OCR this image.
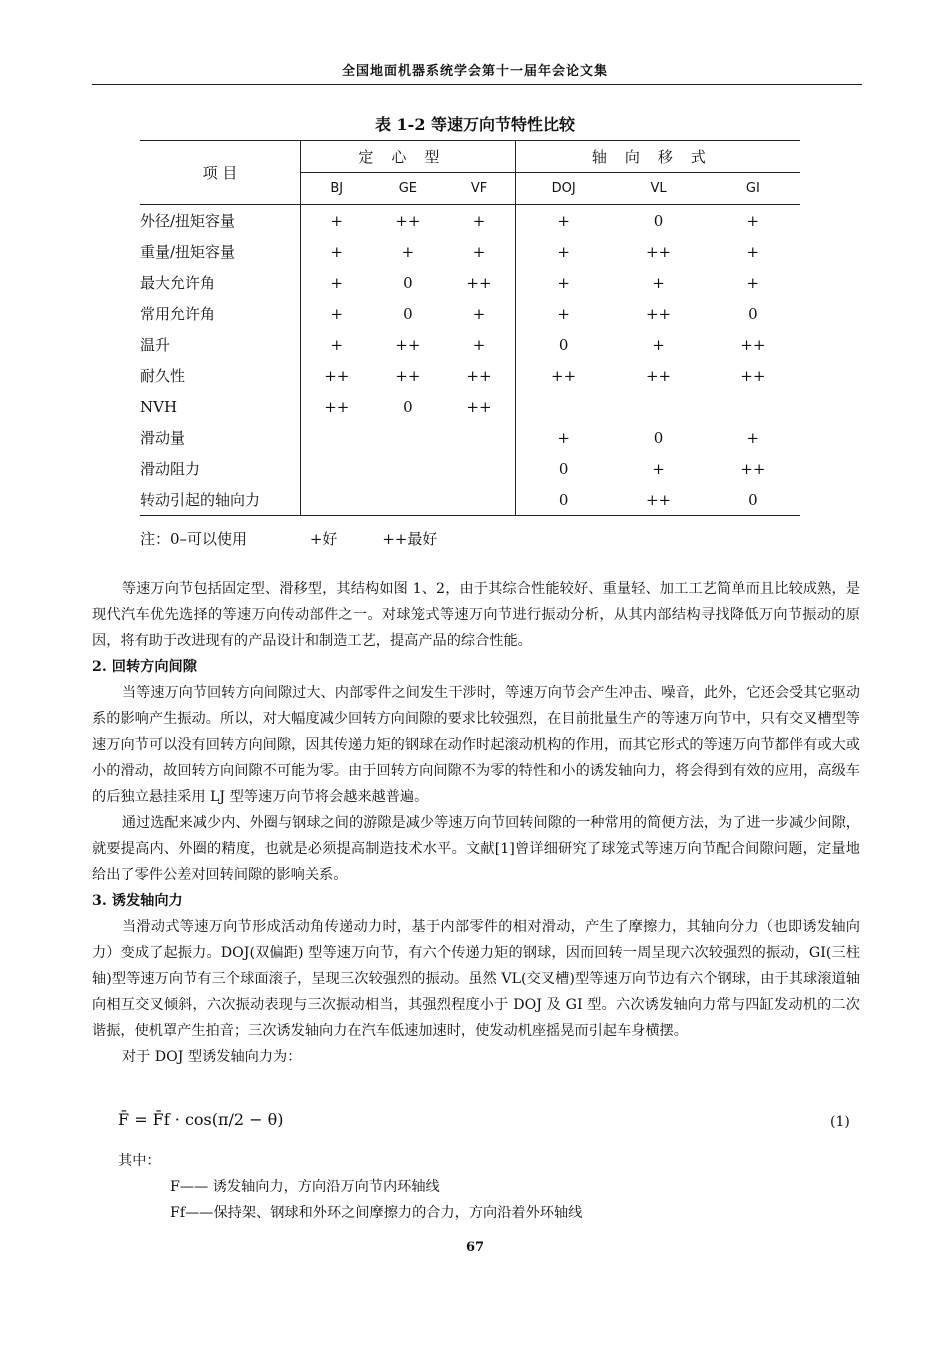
全国地面机器系统学会第十一届年会论文集
表 1-2 等速万向节特性比较
项 目	定心型			轴向移式		
	BJ	GE	VF	DOJ	VL	GI
外径/扭矩容量	+	++	+	+	0	+
重量/扭矩容量	+	+	+	+	++	+
最大允许角	+	0	++	+	+	+
常用允许角	+	0	+	+	++	0
温升	+	++	+	0	+	++
耐久性	++	++	++	++	++	++
NVH	++	0	++			
滑动量				+	0	+
滑动阻力				0	+	++
转动引起的轴向力				0	++	0
注：0–可以使用	+好	++最好

等速万向节包括固定型、滑移型，其结构如图 1、2，由于其综合性能较好、重量轻、加工工艺简单而且比较成熟，是现代汽车优先选择的等速万向传动部件之一。对球笼式等速万向节进行振动分析，从其内部结构寻找降低万向节振动的原因，将有助于改进现有的产品设计和制造工艺，提高产品的综合性能。

2. 回转方向间隙

当等速万向节回转方向间隙过大、内部零件之间发生干涉时，等速万向节会产生冲击、噪音，此外，它还会受其它驱动系的影响产生振动。所以，对大幅度减少回转方向间隙的要求比较强烈，在目前批量生产的等速万向节中，只有交叉槽型等速万向节可以没有回转方向间隙，因其传递力矩的钢球在动作时起滚动机构的作用，而其它形式的等速万向节都伴有或大或小的滑动，故回转方向间隙不可能为零。由于回转方向间隙不为零的特性和小的诱发轴向力，将会得到有效的应用，高级车的后独立悬挂采用 LJ 型等速万向节将会越来越普遍。

通过选配来减少内、外圈与钢球之间的游隙是减少等速万向节回转间隙的一种常用的简便方法，为了进一步减少间隙，就要提高内、外圈的精度，也就是必须提高制造技术水平。文献[1]曾详细研究了球笼式等速万向节配合间隙问题，定量地给出了零件公差对回转间隙的影响关系。

3. 诱发轴向力

当滑动式等速万向节形成活动角传递动力时，基于内部零件的相对滑动，产生了摩擦力，其轴向分力（也即诱发轴向力）变成了起振力。DOJ(双偏距) 型等速万向节，有六个传递力矩的钢球，因而回转一周呈现六次较强烈的振动，GI(三柱轴)型等速万向节有三个球面滚子，呈现三次较强烈的振动。虽然 VL(交叉槽)型等速万向节边有六个钢球，由于其球滚道轴向相互交叉倾斜，六次振动表现与三次振动相当，其强烈程度小于 DOJ 及 GI 型。六次诱发轴向力常与四缸发动机的二次谐振，使机罩产生拍音；三次诱发轴向力在汽车低速加速时，使发动机座摇晃而引起车身横摆。

对于 DOJ 型诱发轴向力为：

F̄ = F̄f · cos(π/2 − θ)	(1)
其中：
F—— 诱发轴向力，方向沿万向节内环轴线
Ff——保持架、钢球和外环之间摩擦力的合力，方向沿着外环轴线
67
